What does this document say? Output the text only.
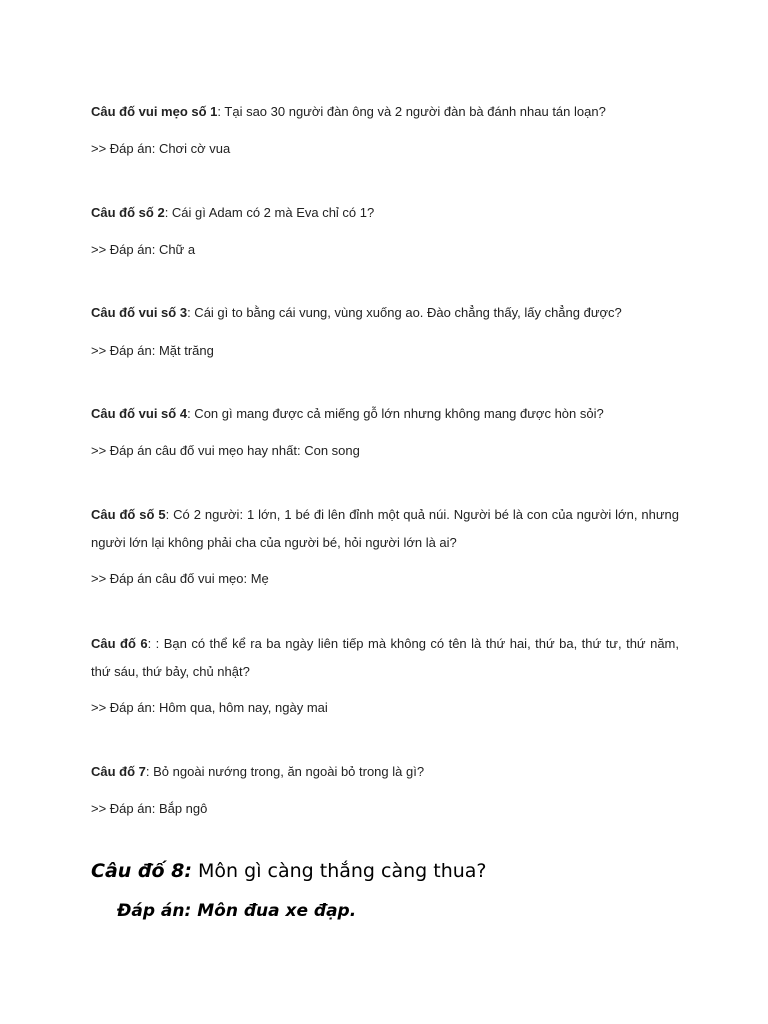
Câu đố vui mẹo số 1: Tại sao 30 người đàn ông và 2 người đàn bà đánh nhau tán loạn?

>> Đáp án: Chơi cờ vua

Câu đố số 2: Cái gì Adam có 2 mà Eva chỉ có 1?

>> Đáp án: Chữ a

Câu đố vui số 3: Cái gì to bằng cái vung, vùng xuống ao. Đào chẳng thấy, lấy chẳng được?

>> Đáp án: Mặt trăng

Câu đố vui số 4: Con gì mang được cả miếng gỗ lớn nhưng không mang được hòn sỏi?

>> Đáp án câu đố vui mẹo hay nhất: Con song

Câu đố số 5: Có 2 người: 1 lớn, 1 bé đi lên đỉnh một quả núi. Người bé là con của người lớn, nhưng người lớn lại không phải cha của người bé, hỏi người lớn là ai?

>> Đáp án câu đố vui mẹo: Mẹ

Câu đố 6: : Bạn có thể kể ra ba ngày liên tiếp mà không có tên là thứ hai, thứ ba, thứ tư, thứ năm, thứ sáu, thứ bảy, chủ nhật?

>> Đáp án: Hôm qua, hôm nay, ngày mai

Câu đố 7: Bỏ ngoài nướng trong, ăn ngoài bỏ trong là gì?

>> Đáp án: Bắp ngô

Câu đố 8: Môn gì càng thắng càng thua?

Đáp án: Môn đua xe đạp.
